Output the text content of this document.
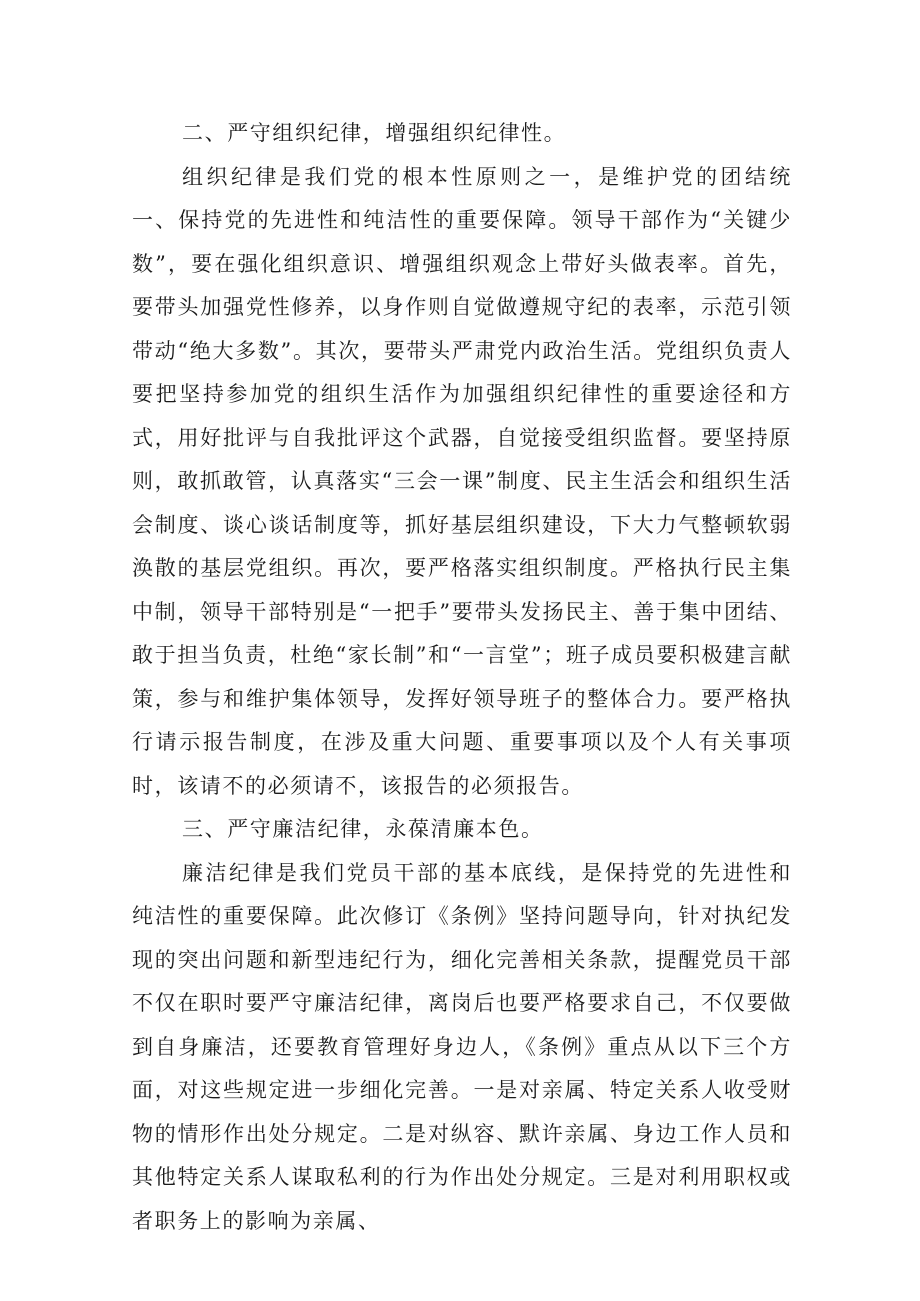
二、严守组织纪律，增强组织纪律性。

组织纪律是我们党的根本性原则之一，是维护党的团结统一、保持党的先进性和纯洁性的重要保障。领导干部作为“关键少数”，要在强化组织意识、增强组织观念上带好头做表率。首先，要带头加强党性修养，以身作则自觉做遵规守纪的表率，示范引领带动“绝大多数”。其次，要带头严肃党内政治生活。党组织负责人要把坚持参加党的组织生活作为加强组织纪律性的重要途径和方式，用好批评与自我批评这个武器，自觉接受组织监督。要坚持原则，敢抓敢管，认真落实“三会一课”制度、民主生活会和组织生活会制度、谈心谈话制度等，抓好基层组织建设，下大力气整顿软弱涣散的基层党组织。再次，要严格落实组织制度。严格执行民主集中制，领导干部特别是“一把手”要带头发扬民主、善于集中团结、敢于担当负责，杜绝“家长制”和“一言堂”；班子成员要积极建言献策，参与和维护集体领导，发挥好领导班子的整体合力。要严格执行请示报告制度，在涉及重大问题、重要事项以及个人有关事项时，该请不的必须请不，该报告的必须报告。

三、严守廉洁纪律，永葆清廉本色。

廉洁纪律是我们党员干部的基本底线，是保持党的先进性和纯洁性的重要保障。此次修订《条例》坚持问题导向，针对执纪发现的突出问题和新型违纪行为，细化完善相关条款，提醒党员干部不仅在职时要严守廉洁纪律，离岗后也要严格要求自己，不仅要做到自身廉洁，还要教育管理好身边人，《条例》重点从以下三个方面，对这些规定进一步细化完善。一是对亲属、特定关系人收受财物的情形作出处分规定。二是对纵容、默许亲属、身边工作人员和其他特定关系人谋取私利的行为作出处分规定。三是对利用职权或者职务上的影响为亲属、
